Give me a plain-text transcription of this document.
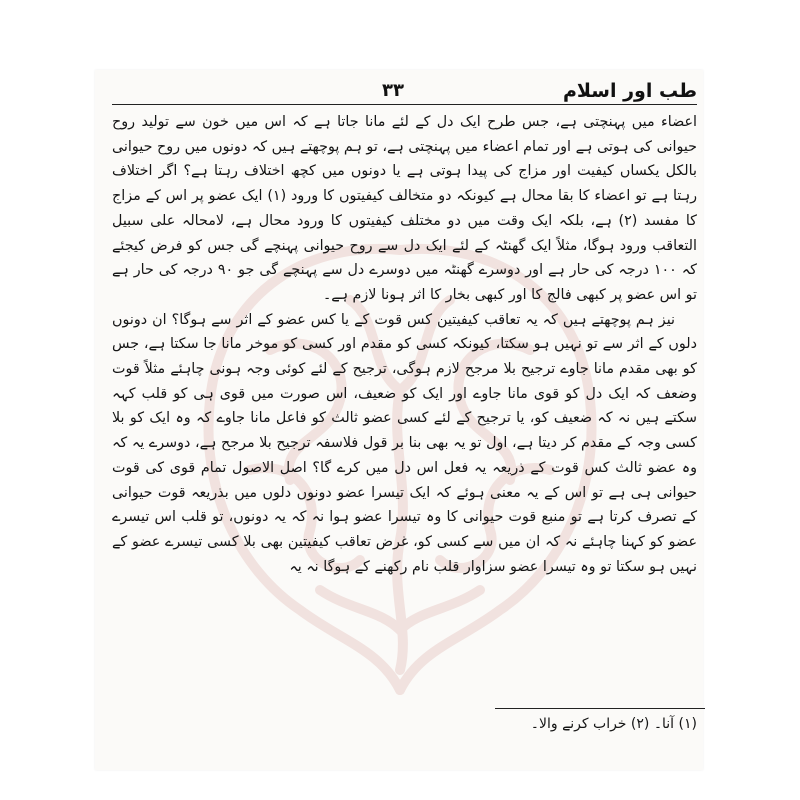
طب اور اسلام
۳۳

اعضاء میں پہنچتی ہے، جس طرح ایک دل کے لئے مانا جاتا ہے کہ اس میں خون سے تولید روح حیوانی کی ہوتی ہے اور تمام اعضاء میں پہنچتی ہے، تو ہم پوچھتے ہیں کہ دونوں میں روح حیوانی بالکل یکساں کیفیت اور مزاج کی پیدا ہوتی ہے یا دونوں میں کچھ اختلاف رہتا ہے؟ اگر اختلاف رہتا ہے تو اعضاء کا بقا محال ہے کیونکہ دو متخالف کیفیتوں کا ورود (۱) ایک عضو پر اس کے مزاج کا مفسد (۲) ہے، بلکہ ایک وقت میں دو مختلف کیفیتوں کا ورود محال ہے، لامحالہ علی سبیل التعاقب ورود ہوگا، مثلاً ایک گھنٹہ کے لئے ایک دل سے روح حیوانی پہنچے گی جس کو فرض کیجئے کہ ۱۰۰ درجہ کی حار ہے اور دوسرے گھنٹہ میں دوسرے دل سے پہنچے گی جو ۹۰ درجہ کی حار ہے تو اس عضو پر کبھی فالج کا اور کبھی بخار کا اثر ہونا لازم ہے۔

نیز ہم پوچھتے ہیں کہ یہ تعاقب کیفیتین کس قوت کے یا کس عضو کے اثر سے ہوگا؟ ان دونوں دلوں کے اثر سے تو نہیں ہو سکتا، کیونکہ کسی کو مقدم اور کسی کو موخر مانا جا سکتا ہے، جس کو بھی مقدم مانا جاوے ترجیح بلا مرجح لازم ہوگی، ترجیح کے لئے کوئی وجہ ہونی چاہئے مثلاً قوت وضعف کہ ایک دل کو قوی مانا جاوے اور ایک کو ضعیف، اس صورت میں قوی ہی کو قلب کہہ سکتے ہیں نہ کہ ضعیف کو، یا ترجیح کے لئے کسی عضو ثالث کو فاعل مانا جاوے کہ وہ ایک کو بلا کسی وجہ کے مقدم کر دیتا ہے، اول تو یہ بھی بنا بر قول فلاسفہ ترجیح بلا مرجح ہے، دوسرے یہ کہ وہ عضو ثالث کس قوت کے ذریعہ یہ فعل اس دل میں کرے گا؟ اصل الاصول تمام قوی کی قوت حیوانی ہی ہے تو اس کے یہ معنی ہوئے کہ ایک تیسرا عضو دونوں دلوں میں بذریعہ قوت حیوانی کے تصرف کرتا ہے تو منبع قوت حیوانی کا وہ تیسرا عضو ہوا نہ کہ یہ دونوں، تو قلب اس تیسرے عضو کو کہنا چاہئے نہ کہ ان میں سے کسی کو، غرض تعاقب کیفیتین بھی بلا کسی تیسرے عضو کے نہیں ہو سکتا تو وہ تیسرا عضو سزاوار قلب نام رکھنے کے ہوگا نہ یہ

(۱) آنا۔ (۲) خراب کرنے والا۔
